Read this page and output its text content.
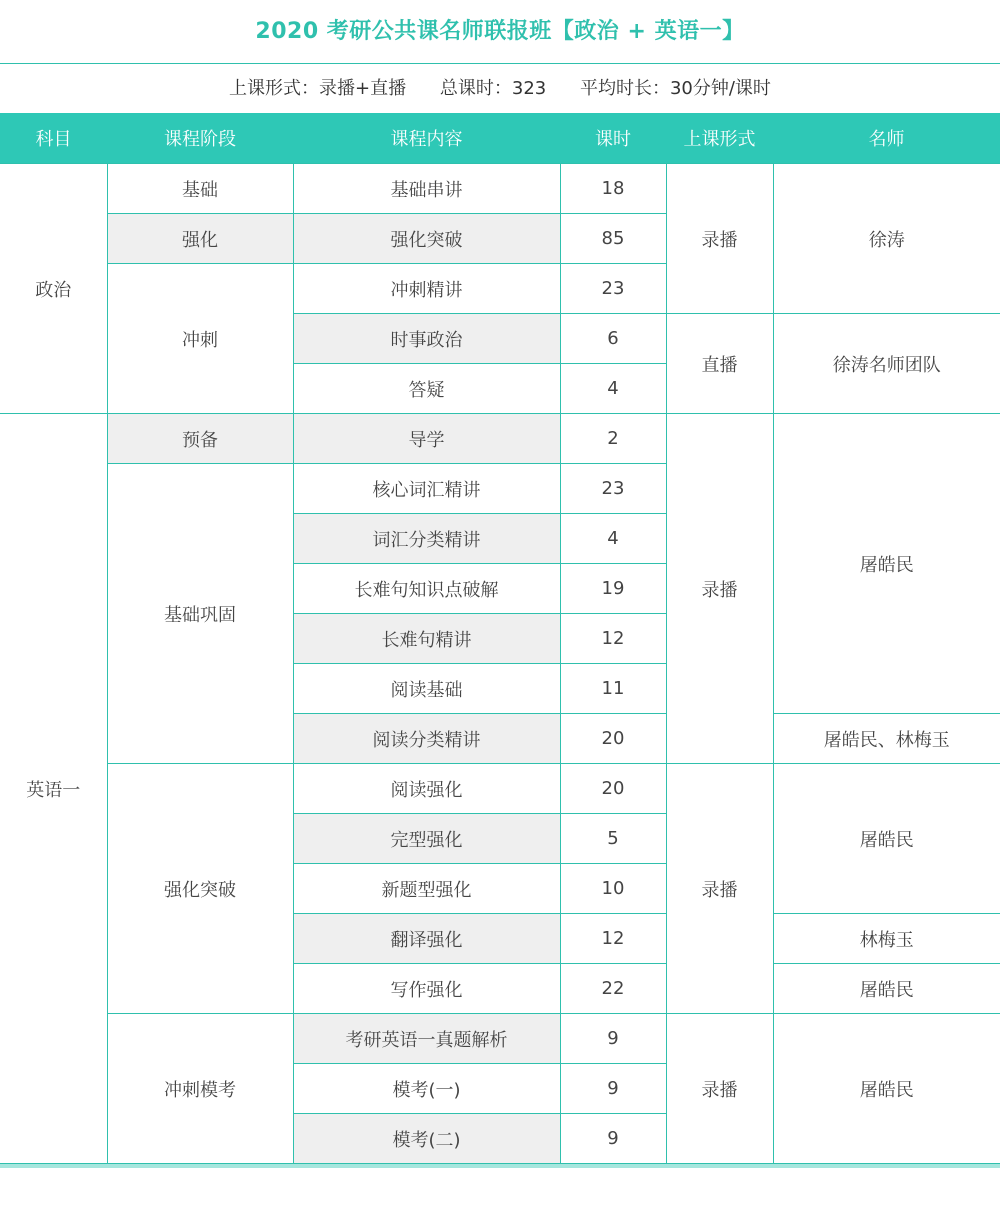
2020 考研公共课名师联报班【政治 + 英语一】
上课形式：录播+直播 总课时：323 平均时长：30分钟/课时
科目	课程阶段	课程内容	课时	上课形式	名师
政治	基础	基础串讲	18	录播	徐涛
	强化	强化突破	85		
	冲刺	冲刺精讲	23		
		时事政治	6	直播	徐涛名师团队
		答疑	4		
英语一	预备	导学	2	录播	屠皓民
	基础巩固	核心词汇精讲	23		
		词汇分类精讲	4		
		长难句知识点破解	19		
		长难句精讲	12		
		阅读基础	11		
		阅读分类精讲	20		屠皓民、林梅玉
	强化突破	阅读强化	20	录播	屠皓民
		完型强化	5		
		新题型强化	10		
		翻译强化	12		林梅玉
		写作强化	22		屠皓民
	冲刺模考	考研英语一真题解析	9	录播	屠皓民
		模考(一)	9		
		模考(二)	9		
